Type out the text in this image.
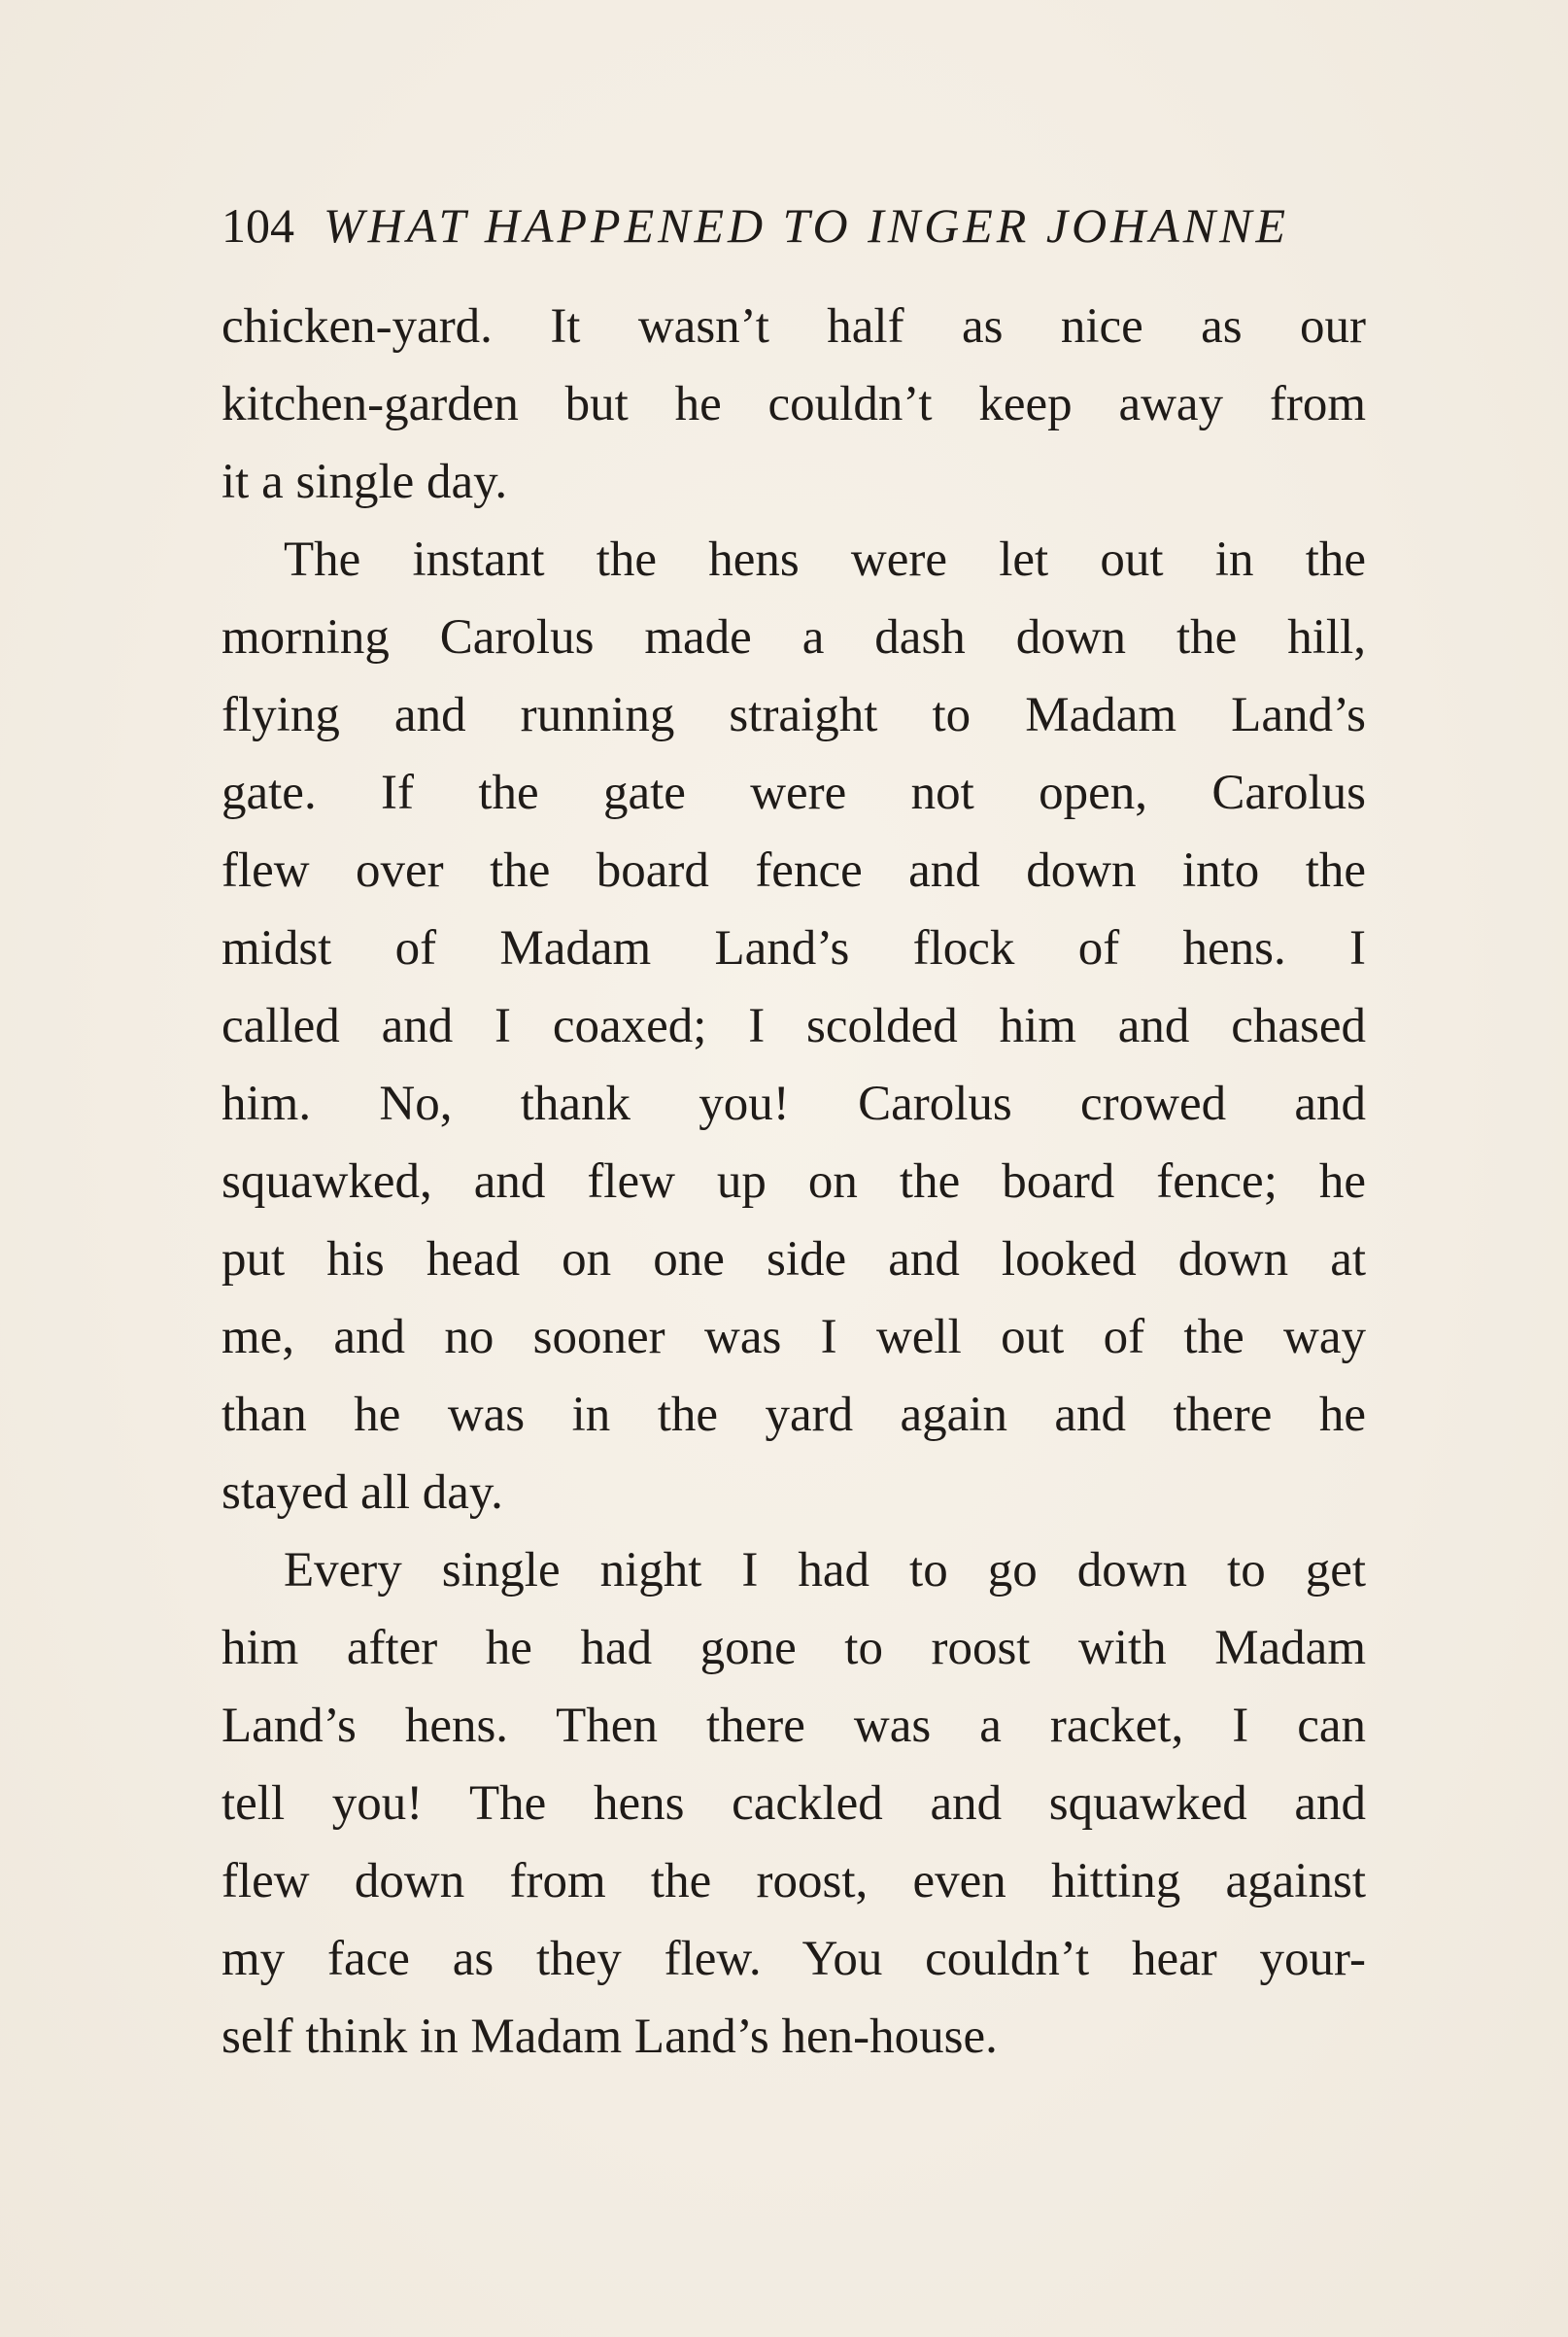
104 WHAT HAPPENED TO INGER JOHANNE
chicken-yard. It wasn’t half as nice as our
kitchen-garden but he couldn’t keep away from
it a single day.
The instant the hens were let out in the
morning Carolus made a dash down the hill,
flying and running straight to Madam Land’s
gate. If the gate were not open, Carolus
flew over the board fence and down into the
midst of Madam Land’s flock of hens. I
called and I coaxed; I scolded him and chased
him. No, thank you! Carolus crowed and
squawked, and flew up on the board fence; he
put his head on one side and looked down at
me, and no sooner was I well out of the way
than he was in the yard again and there he
stayed all day.
Every single night I had to go down to get
him after he had gone to roost with Madam
Land’s hens. Then there was a racket, I can
tell you! The hens cackled and squawked and
flew down from the roost, even hitting against
my face as they flew. You couldn’t hear your-
self think in Madam Land’s hen-house.
